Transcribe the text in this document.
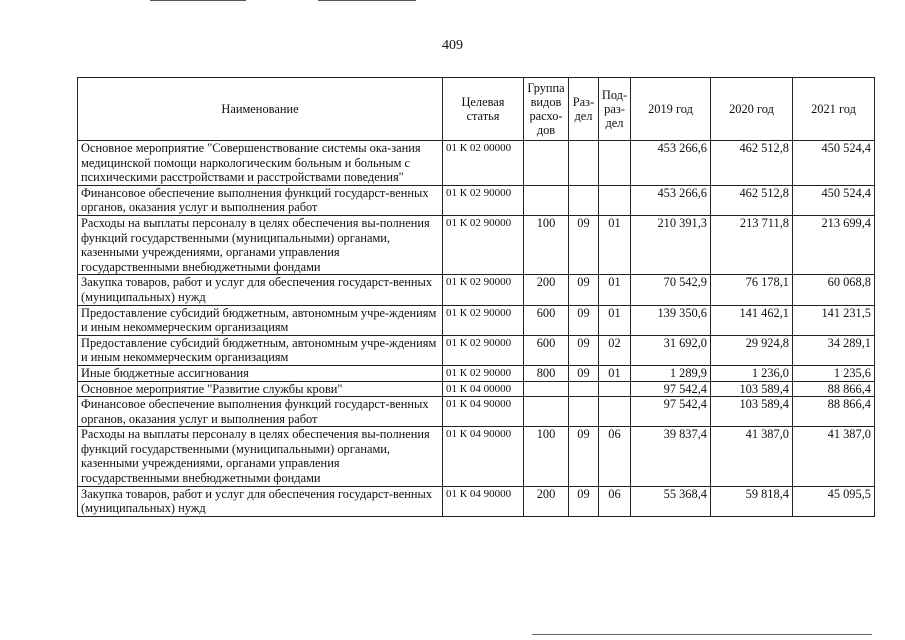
409
Наименование	Целевая статья	Группа видов расхо-дов	Раз-дел	Под-раз-дел	2019 год	2020 год	2021 год
Основное мероприятие "Совершенствование системы ока-зания медицинской помощи наркологическим больным и больным с психическими расстройствами и расстройствами поведения"	01 К 02 00000				453 266,6	462 512,8	450 524,4
Финансовое обеспечение выполнения функций государст-венных органов, оказания услуг и выполнения работ	01 К 02 90000				453 266,6	462 512,8	450 524,4
Расходы на выплаты персоналу в целях обеспечения вы-полнения функций государственными (муниципальными) органами, казенными учреждениями, органами управления государственными внебюджетными фондами	01 К 02 90000	100	09	01	210 391,3	213 711,8	213 699,4
Закупка товаров, работ и услуг для обеспечения государст-венных (муниципальных) нужд	01 К 02 90000	200	09	01	70 542,9	76 178,1	60 068,8
Предоставление субсидий бюджетным, автономным учре-ждениям и иным некоммерческим организациям	01 К 02 90000	600	09	01	139 350,6	141 462,1	141 231,5
Предоставление субсидий бюджетным, автономным учре-ждениям и иным некоммерческим организациям	01 К 02 90000	600	09	02	31 692,0	29 924,8	34 289,1
Иные бюджетные ассигнования	01 К 02 90000	800	09	01	1 289,9	1 236,0	1 235,6
Основное мероприятие "Развитие службы крови"	01 К 04 00000				97 542,4	103 589,4	88 866,4
Финансовое обеспечение выполнения функций государст-венных органов, оказания услуг и выполнения работ	01 К 04 90000				97 542,4	103 589,4	88 866,4
Расходы на выплаты персоналу в целях обеспечения вы-полнения функций государственными (муниципальными) органами, казенными учреждениями, органами управления государственными внебюджетными фондами	01 К 04 90000	100	09	06	39 837,4	41 387,0	41 387,0
Закупка товаров, работ и услуг для обеспечения государст-венных (муниципальных) нужд	01 К 04 90000	200	09	06	55 368,4	59 818,4	45 095,5
